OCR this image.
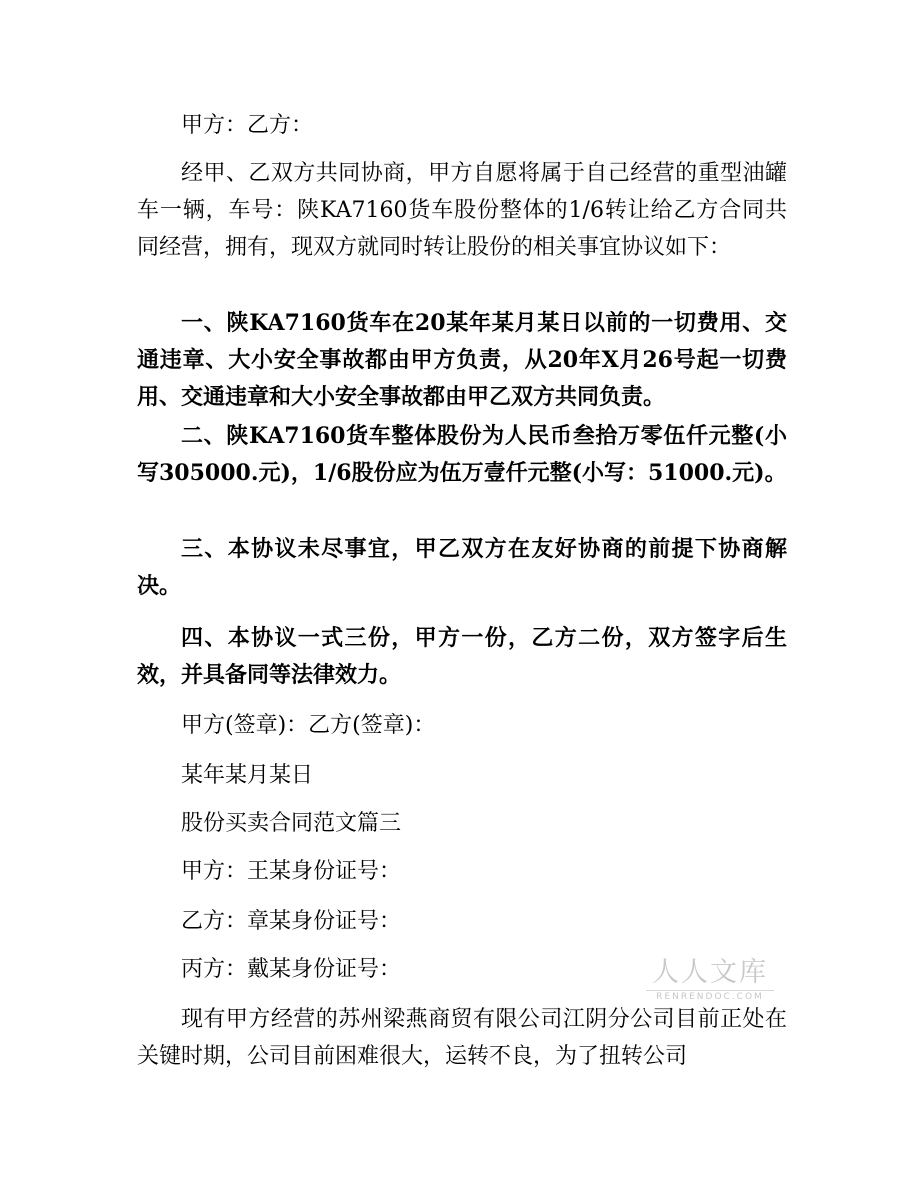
甲方：乙方：

经甲、乙双方共同协商，甲方自愿将属于自己经营的重型油罐车一辆，车号：陕KA7160货车股份整体的1/6转让给乙方合同共同经营，拥有，现双方就同时转让股份的相关事宜协议如下：

一、陕KA7160货车在20某年某月某日以前的一切费用、交通违章、大小安全事故都由甲方负责，从20年X月26号起一切费用、交通违章和大小安全事故都由甲乙双方共同负责。

二、陕KA7160货车整体股份为人民币叁拾万零伍仟元整(小写305000.元)，1/6股份应为伍万壹仟元整(小写：51000.元)。

三、本协议未尽事宜，甲乙双方在友好协商的前提下协商解决。

四、本协议一式三份，甲方一份，乙方二份，双方签字后生效，并具备同等法律效力。

甲方(签章)：乙方(签章)：

某年某月某日

股份买卖合同范文篇三

甲方：王某身份证号：

乙方：章某身份证号：

丙方：戴某身份证号：

现有甲方经营的苏州梁燕商贸有限公司江阴分公司目前正处在关键时期，公司目前困难很大，运转不良，为了扭转公司

人人文库
RENRENDOC.COM
